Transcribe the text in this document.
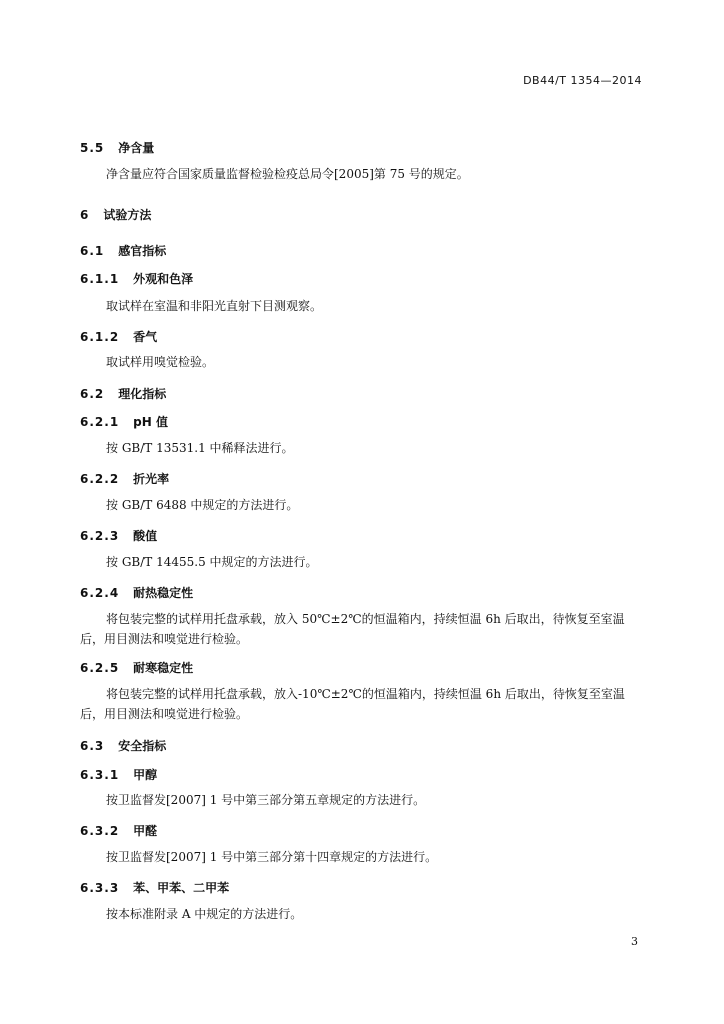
DB44/T 1354—2014
5.5 净含量
净含量应符合国家质量监督检验检疫总局令[2005]第 75 号的规定。
6 试验方法
6.1 感官指标
6.1.1 外观和色泽
取试样在室温和非阳光直射下目测观察。
6.1.2 香气
取试样用嗅觉检验。
6.2 理化指标
6.2.1 pH 值
按 GB/T 13531.1 中稀释法进行。
6.2.2 折光率
按 GB/T 6488 中规定的方法进行。
6.2.3 酸值
按 GB/T 14455.5 中规定的方法进行。
6.2.4 耐热稳定性
将包装完整的试样用托盘承载，放入 50℃±2℃的恒温箱内，持续恒温 6h 后取出，待恢复至室温后，用目测法和嗅觉进行检验。
6.2.5 耐寒稳定性
将包装完整的试样用托盘承载，放入-10℃±2℃的恒温箱内，持续恒温 6h 后取出，待恢复至室温后，用目测法和嗅觉进行检验。
6.3 安全指标
6.3.1 甲醇
按卫监督发[2007] 1 号中第三部分第五章规定的方法进行。
6.3.2 甲醛
按卫监督发[2007] 1 号中第三部分第十四章规定的方法进行。
6.3.3 苯、甲苯、二甲苯
按本标准附录 A 中规定的方法进行。
3
